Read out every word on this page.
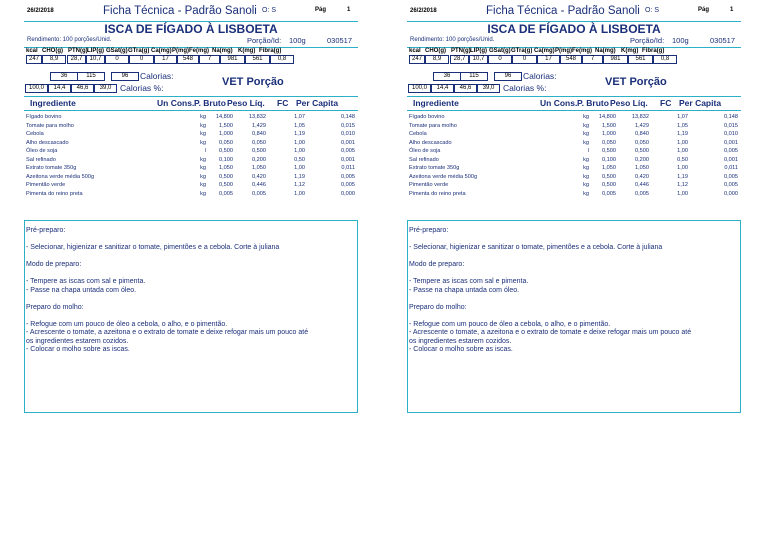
26/2/2018	Ficha Técnica - Padrão Sanoli O: S	Pág	1
ISCA DE FÍGADO À LISBOETA
Rendimento: 100 porções/Unid.	Porção/Id: 100g	030517
kcal CHO(g) PTN(g) LIP(g) GSat(g) GTra(g) Ca(mg) P(mg) Fe(mg) Na(mg) K(mg) Fibra(g)
247	8,9	28,7	10,7	0	0	17	548	7	981	561	0,8
36	115	96	Calorias:
100,0	14,4	46,6	39,0	Calorias %:	VET Porção
Ingrediente	Un Cons. P. Bruto Peso Líq. FC Per Capita
Fígado bovino	kg 14,800	13,832	1,07	0,148
Tomate para molho	kg 1,500	1,429	1,05	0,015
Cebola	kg 1,000	0,840	1,19	0,010
Alho descascado	kg 0,050	0,050	1,00	0,001
Óleo de soja	l 0,500	0,500	1,00	0,005
Sal refinado	kg 0,100	0,200	0,50	0,001
Extrato tomate 350g	kg 1,050	1,050	1,00	0,011
Azeitona verde média 500g	kg 0,500	0,420	1,19	0,005
Pimentão verde	kg 0,500	0,446	1,12	0,005
Pimenta do reino preta	kg 0,005	0,005	1,00	0,000
Pré-preparo:
- Selecionar, higienizar e sanitizar o tomate, pimentões e a cebola. Corte à juliana
Modo de preparo:
- Tempere as iscas com sal e pimenta.
- Passe na chapa untada com óleo.
Preparo do molho:
- Refogue com um pouco de óleo a cebola, o alho, e o pimentão.
- Acrescente o tomate, a azeitona e o extrato de tomate e deixe refogar mais um pouco até
os ingredientes estarem cozidos.
- Colocar o molho sobre as iscas.
26/2/2018	Ficha Técnica - Padrão Sanoli O: S	Pág	1
ISCA DE FÍGADO À LISBOETA
Rendimento: 100 porções/Unid.	Porção/Id: 100g	030517
kcal CHO(g) PTN(g) LIP(g) GSat(g) GTra(g) Ca(mg) P(mg) Fe(mg) Na(mg) K(mg) Fibra(g)
247	8,9	28,7	10,7	0	0	17	548	7	981	561	0,8
36	115	96	Calorias:
100,0	14,4	46,6	39,0	Calorias %:	VET Porção
Ingrediente	Un Cons. P. Bruto Peso Líq. FC Per Capita
Fígado bovino	kg 14,800	13,832	1,07	0,148
Tomate para molho	kg 1,500	1,429	1,05	0,015
Cebola	kg 1,000	0,840	1,19	0,010
Alho descascado	kg 0,050	0,050	1,00	0,001
Óleo de soja	l 0,500	0,500	1,00	0,005
Sal refinado	kg 0,100	0,200	0,50	0,001
Extrato tomate 350g	kg 1,050	1,050	1,00	0,011
Azeitona verde média 500g	kg 0,500	0,420	1,19	0,005
Pimentão verde	kg 0,500	0,446	1,12	0,005
Pimenta do reino preta	kg 0,005	0,005	1,00	0,000
Pré-preparo:
- Selecionar, higienizar e sanitizar o tomate, pimentões e a cebola. Corte à juliana
Modo de preparo:
- Tempere as iscas com sal e pimenta.
- Passe na chapa untada com óleo.
Preparo do molho:
- Refogue com um pouco de óleo a cebola, o alho, e o pimentão.
- Acrescente o tomate, a azeitona e o extrato de tomate e deixe refogar mais um pouco até
os ingredientes estarem cozidos.
- Colocar o molho sobre as iscas.
